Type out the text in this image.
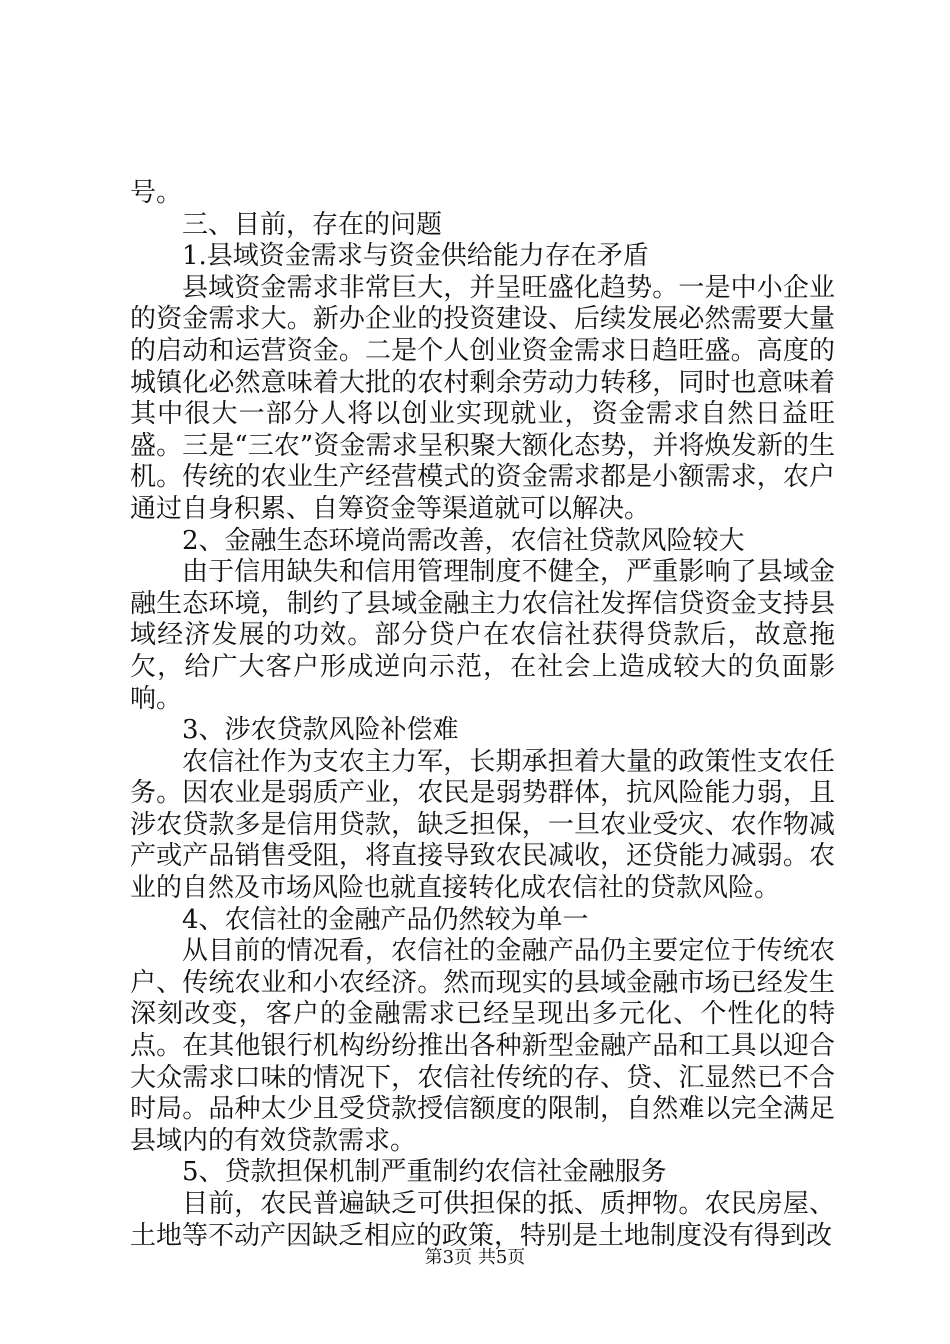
号。

三、目前，存在的问题

1.县域资金需求与资金供给能力存在矛盾

县域资金需求非常巨大，并呈旺盛化趋势。一是中小企业的资金需求大。新办企业的投资建设、后续发展必然需要大量的启动和运营资金。二是个人创业资金需求日趋旺盛。高度的城镇化必然意味着大批的农村剩余劳动力转移，同时也意味着其中很大一部分人将以创业实现就业，资金需求自然日益旺盛。三是“三农”资金需求呈积聚大额化态势，并将焕发新的生机。传统的农业生产经营模式的资金需求都是小额需求，农户通过自身积累、自筹资金等渠道就可以解决。

2、金融生态环境尚需改善，农信社贷款风险较大

由于信用缺失和信用管理制度不健全，严重影响了县域金融生态环境，制约了县域金融主力农信社发挥信贷资金支持县域经济发展的功效。部分贷户在农信社获得贷款后，故意拖欠，给广大客户形成逆向示范，在社会上造成较大的负面影响。

3、涉农贷款风险补偿难

农信社作为支农主力军，长期承担着大量的政策性支农任务。因农业是弱质产业，农民是弱势群体，抗风险能力弱，且涉农贷款多是信用贷款，缺乏担保，一旦农业受灾、农作物减产或产品销售受阻，将直接导致农民减收，还贷能力减弱。农业的自然及市场风险也就直接转化成农信社的贷款风险。

4、农信社的金融产品仍然较为单一

从目前的情况看，农信社的金融产品仍主要定位于传统农户、传统农业和小农经济。然而现实的县域金融市场已经发生深刻改变，客户的金融需求已经呈现出多元化、个性化的特点。在其他银行机构纷纷推出各种新型金融产品和工具以迎合大众需求口味的情况下，农信社传统的存、贷、汇显然已不合时局。品种太少且受贷款授信额度的限制，自然难以完全满足县域内的有效贷款需求。

5、贷款担保机制严重制约农信社金融服务

目前，农民普遍缺乏可供担保的抵、质押物。农民房屋、土地等不动产因缺乏相应的政策，特别是土地制度没有得到改

第3页 共5页
